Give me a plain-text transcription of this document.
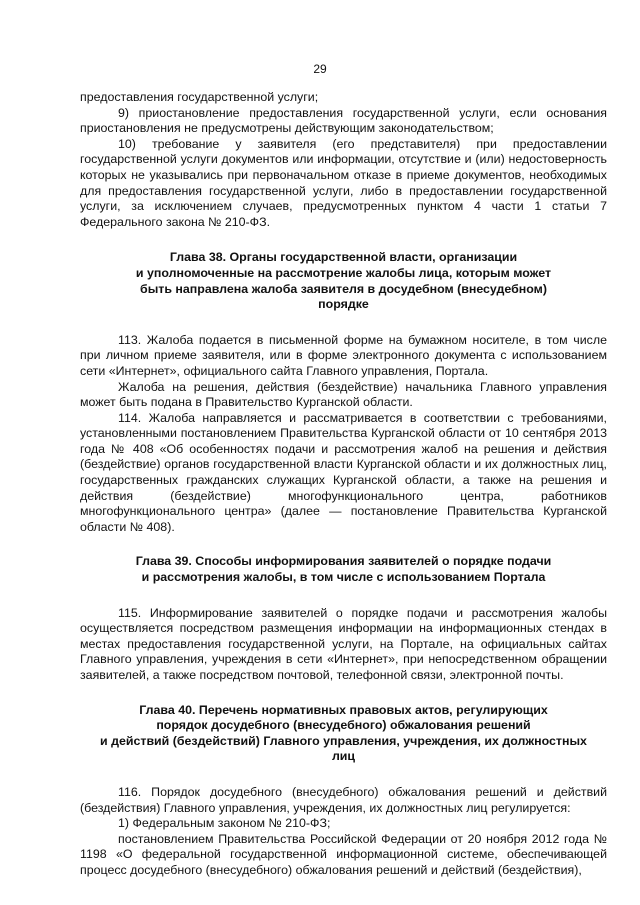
29

предоставления государственной услуги;

9) приостановление предоставления государственной услуги, если основания приостановления не предусмотрены действующим законодательством;

10) требование у заявителя (его представителя) при предоставлении государственной услуги документов или информации, отсутствие и (или) недостоверность которых не указывались при первоначальном отказе в приеме документов, необходимых для предоставления государственной услуги, либо в предоставлении государственной услуги, за исключением случаев, предусмотренных пунктом 4 части 1 статьи 7 Федерального закона № 210-ФЗ.

Глава 38. Органы государственной власти, организации
и уполномоченные на рассмотрение жалобы лица, которым может
быть направлена жалоба заявителя в досудебном (внесудебном)
порядке

113. Жалоба подается в письменной форме на бумажном носителе, в том числе при личном приеме заявителя, или в форме электронного документа с использованием сети «Интернет», официального сайта Главного управления, Портала.

Жалоба на решения, действия (бездействие) начальника Главного управления может быть подана в Правительство Курганской области.

114. Жалоба направляется и рассматривается в соответствии с требованиями, установленными постановлением Правительства Курганской области от 10 сентября 2013 года № 408 «Об особенностях подачи и рассмотрения жалоб на решения и действия (бездействие) органов государственной власти Курганской области и их должностных лиц, государственных гражданских служащих Курганской области, а также на решения и действия (бездействие) многофункционального центра, работников многофункционального центра» (далее — постановление Правительства Курганской области № 408).

Глава 39. Способы информирования заявителей о порядке подачи
и рассмотрения жалобы, в том числе с использованием Портала

115. Информирование заявителей о порядке подачи и рассмотрения жалобы осуществляется посредством размещения информации на информационных стендах в местах предоставления государственной услуги, на Портале, на официальных сайтах Главного управления, учреждения в сети «Интернет», при непосредственном обращении заявителей, а также посредством почтовой, телефонной связи, электронной почты.

Глава 40. Перечень нормативных правовых актов, регулирующих
порядок досудебного (внесудебного) обжалования решений
и действий (бездействий) Главного управления, учреждения, их должностных
лиц

116. Порядок досудебного (внесудебного) обжалования решений и действий (бездействия) Главного управления, учреждения, их должностных лиц регулируется:

1) Федеральным законом № 210-ФЗ;

постановлением Правительства Российской Федерации от 20 ноября 2012 года № 1198 «О федеральной государственной информационной системе, обеспечивающей процесс досудебного (внесудебного) обжалования решений и действий (бездействия),
